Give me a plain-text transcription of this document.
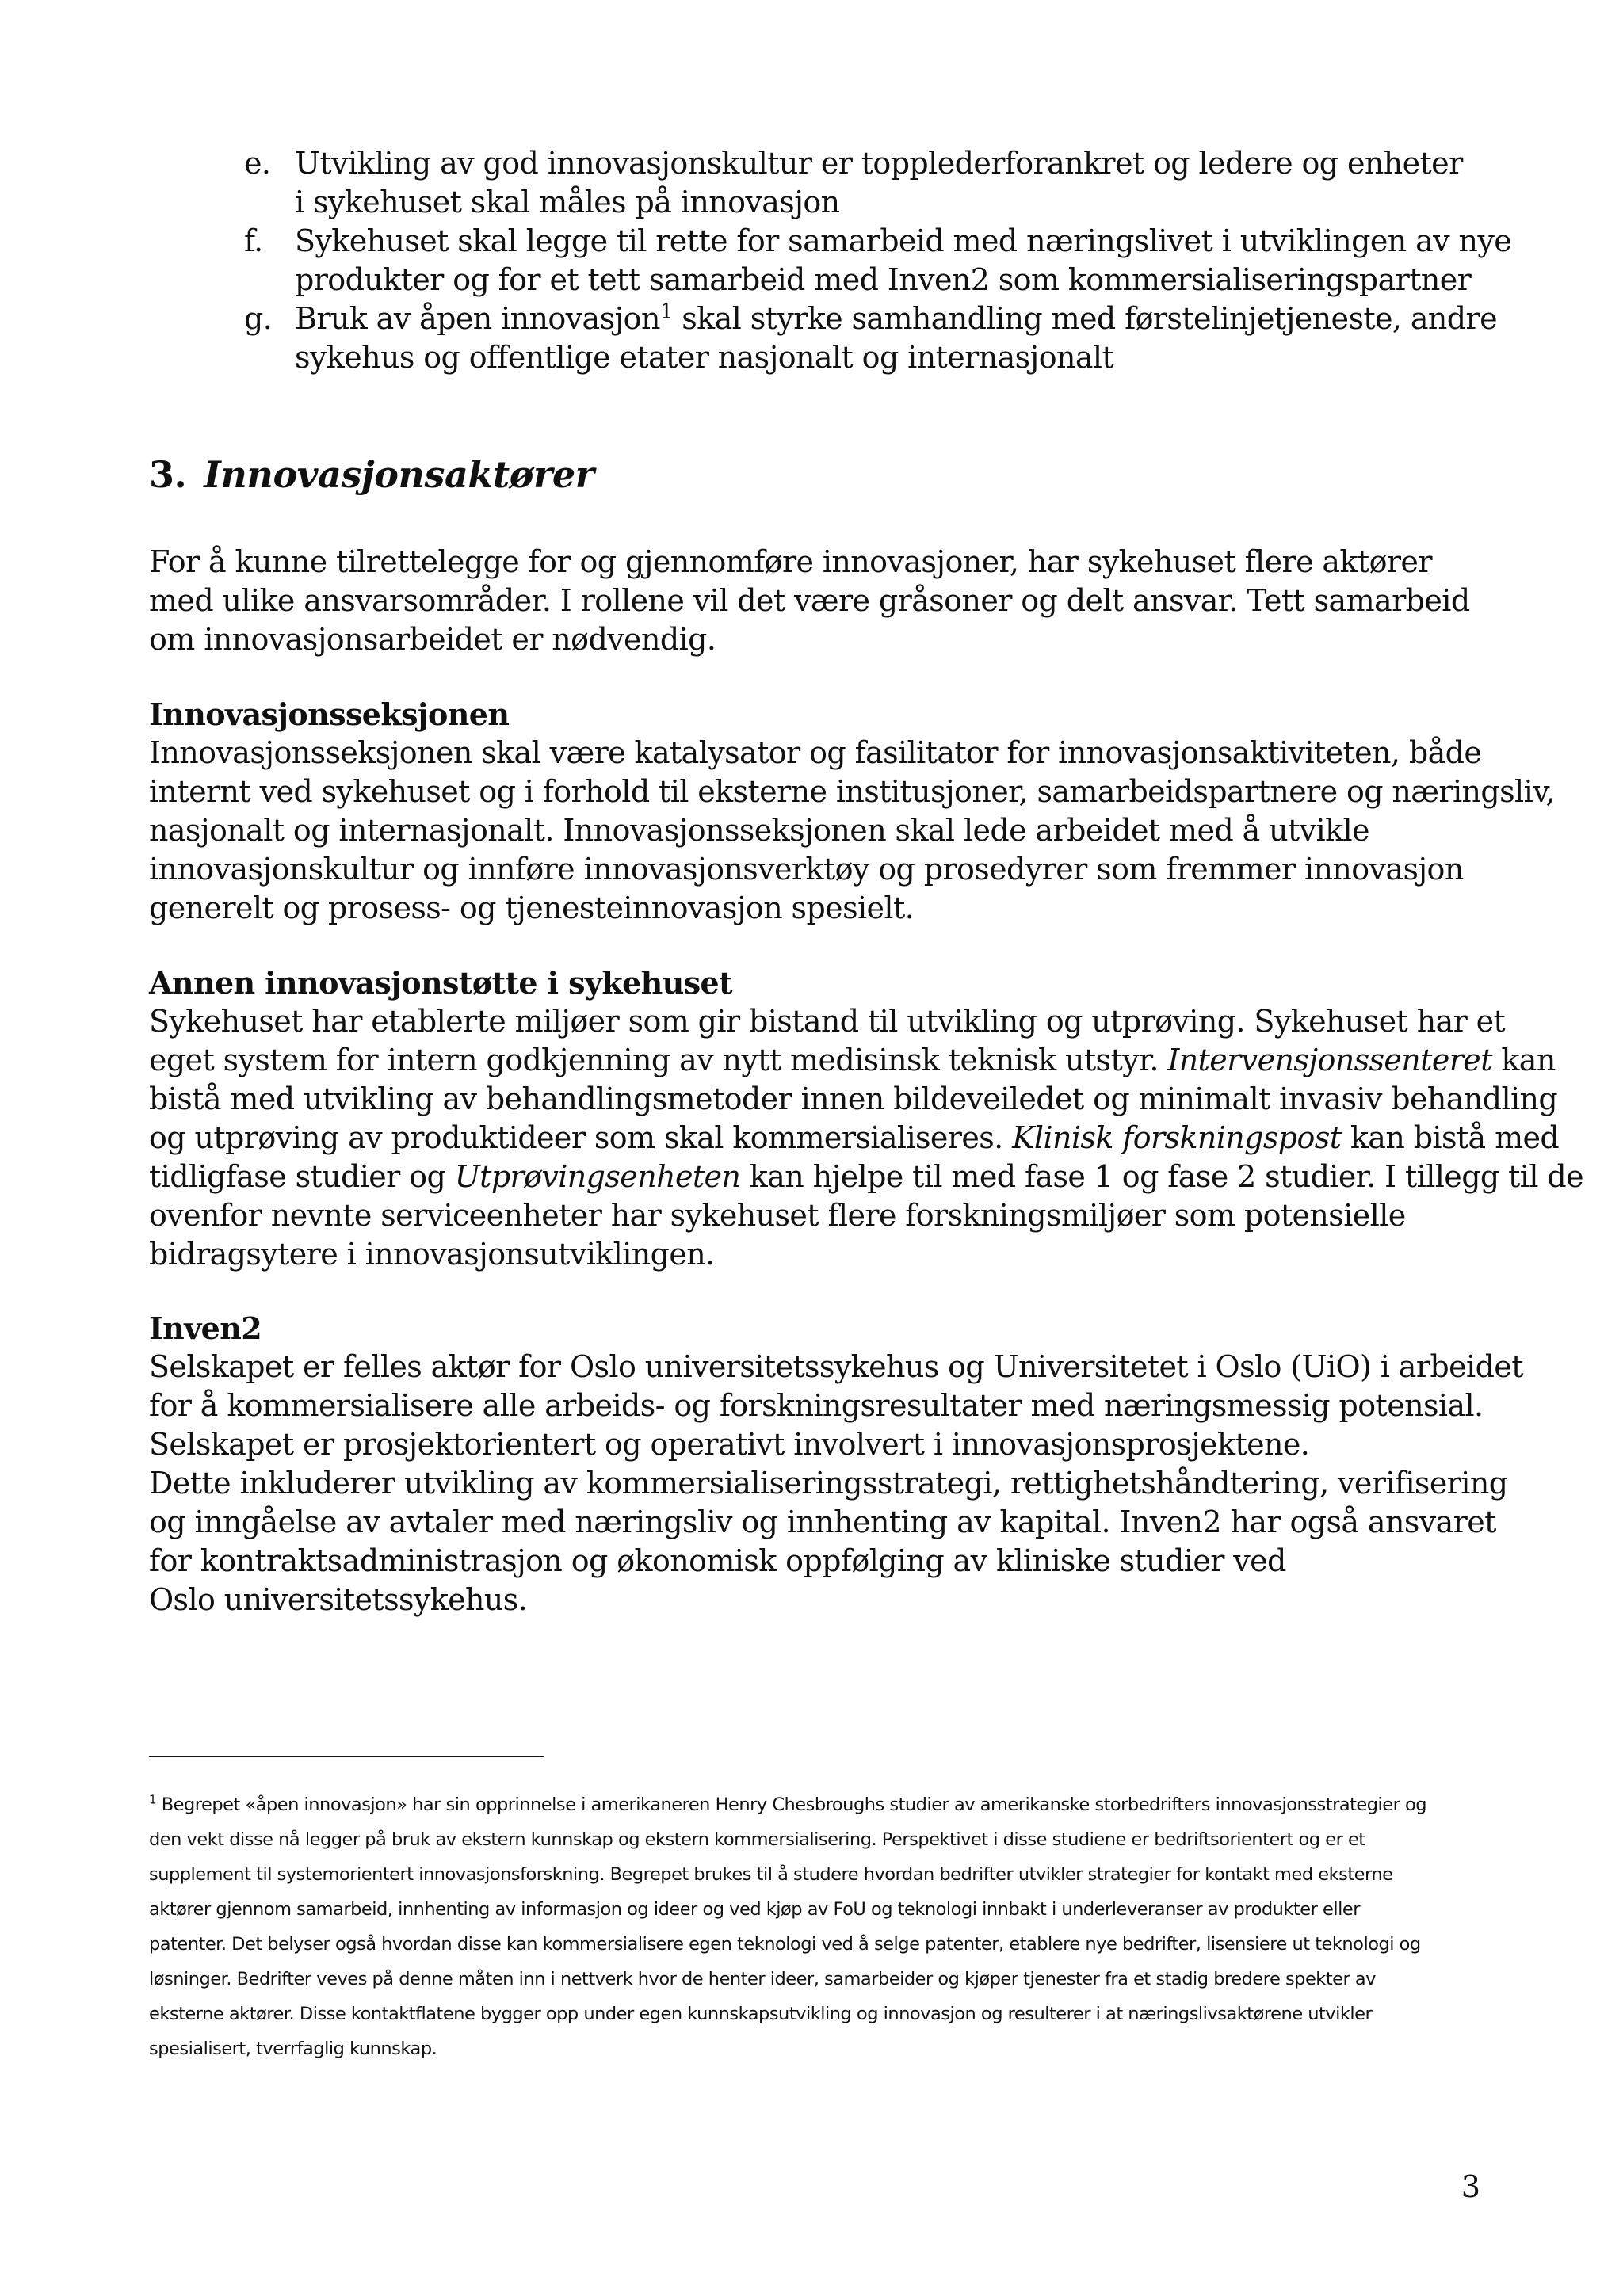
e. Utvikling av god innovasjonskultur er topplederforankret og ledere og enheter
i sykehuset skal måles på innovasjon
f. Sykehuset skal legge til rette for samarbeid med næringslivet i utviklingen av nye
produkter og for et tett samarbeid med Inven2 som kommersialiseringspartner
g. Bruk av åpen innovasjon$^1$ skal styrke samhandling med førstelinjetjeneste, andre
sykehus og offentlige etater nasjonalt og internasjonalt
3. Innovasjonsaktører

For å kunne tilrettelegge for og gjennomføre innovasjoner, har sykehuset flere aktører
med ulike ansvarsområder. I rollene vil det være gråsoner og delt ansvar. Tett samarbeid
om innovasjonsarbeidet er nødvendig.

Innovasjonsseksjonen

Innovasjonsseksjonen skal være katalysator og fasilitator for innovasjonsaktiviteten, både
internt ved sykehuset og i forhold til eksterne institusjoner, samarbeidspartnere og næringsliv,
nasjonalt og internasjonalt. Innovasjonsseksjonen skal lede arbeidet med å utvikle
innovasjonskultur og innføre innovasjonsverktøy og prosedyrer som fremmer innovasjon
generelt og prosess- og tjenesteinnovasjon spesielt.

Annen innovasjonstøtte i sykehuset

Sykehuset har etablerte miljøer som gir bistand til utvikling og utprøving. Sykehuset har et
eget system for intern godkjenning av nytt medisinsk teknisk utstyr. Intervensjonssenteret kan
bistå med utvikling av behandlingsmetoder innen bildeveiledet og minimalt invasiv behandling
og utprøving av produktideer som skal kommersialiseres. Klinisk forskningspost kan bistå med
tidligfase studier og Utprøvingsenheten kan hjelpe til med fase 1 og fase 2 studier. I tillegg til de
ovenfor nevnte serviceenheter har sykehuset flere forskningsmiljøer som potensielle
bidragsytere i innovasjonsutviklingen.

Inven2

Selskapet er felles aktør for Oslo universitetssykehus og Universitetet i Oslo (UiO) i arbeidet
for å kommersialisere alle arbeids- og forskningsresultater med næringsmessig potensial.
Selskapet er prosjektorientert og operativt involvert i innovasjonsprosjektene.
Dette inkluderer utvikling av kommersialiseringsstrategi, rettighetshåndtering, verifisering
og inngåelse av avtaler med næringsliv og innhenting av kapital. Inven2 har også ansvaret
for kontraktsadministrasjon og økonomisk oppfølging av kliniske studier ved
Oslo universitetssykehus.

$^1$ Begrepet «åpen innovasjon» har sin opprinnelse i amerikaneren Henry Chesbroughs studier av amerikanske storbedrifters innovasjonsstrategier og
den vekt disse nå legger på bruk av ekstern kunnskap og ekstern kommersialisering. Perspektivet i disse studiene er bedriftsorientert og er et
supplement til systemorientert innovasjonsforskning. Begrepet brukes til å studere hvordan bedrifter utvikler strategier for kontakt med eksterne
aktører gjennom samarbeid, innhenting av informasjon og ideer og ved kjøp av FoU og teknologi innbakt i underleveranser av produkter eller
patenter. Det belyser også hvordan disse kan kommersialisere egen teknologi ved å selge patenter, etablere nye bedrifter, lisensiere ut teknologi og
løsninger. Bedrifter veves på denne måten inn i nettverk hvor de henter ideer, samarbeider og kjøper tjenester fra et stadig bredere spekter av
eksterne aktører. Disse kontaktflatene bygger opp under egen kunnskapsutvikling og innovasjon og resulterer i at næringslivsaktørene utvikler
spesialisert, tverrfaglig kunnskap.
3
